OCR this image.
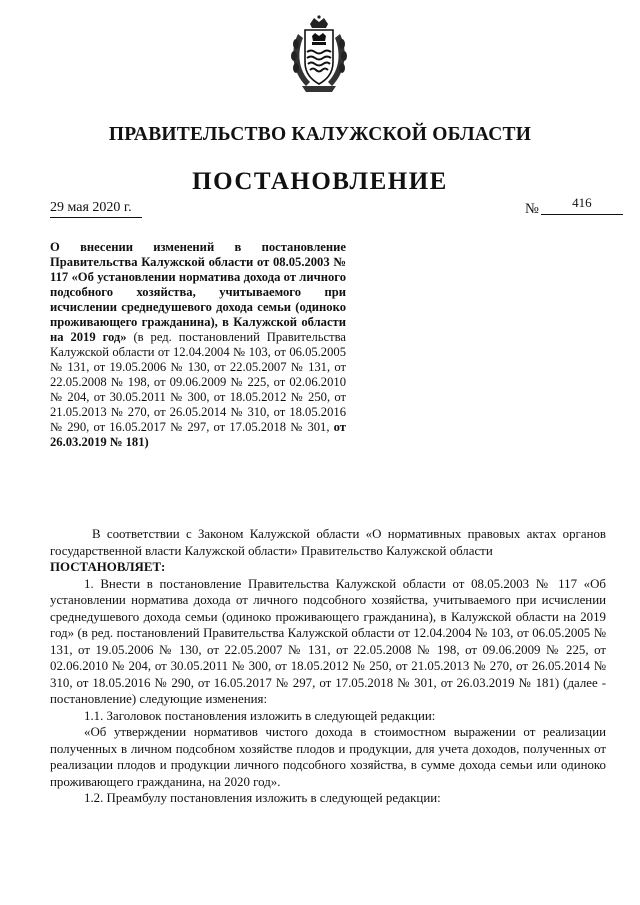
ПРАВИТЕЛЬСТВО КАЛУЖСКОЙ ОБЛАСТИ
ПОСТАНОВЛЕНИЕ
29 мая 2020 г.	№	416
О внесении изменений в постановление Правительства Калужской области от 08.05.2003 № 117 «Об установлении норматива дохода от личного подсобного хозяйства, учитываемого при исчислении среднедушевого дохода семьи (одиноко проживающего гражданина), в Калужской области на 2019 год» (в ред. постановлений Правительства Калужской области от 12.04.2004 № 103, от 06.05.2005 № 131, от 19.05.2006 № 130, от 22.05.2007 № 131, от 22.05.2008 № 198, от 09.06.2009 № 225, от 02.06.2010 № 204, от 30.05.2011 № 300, от 18.05.2012 № 250, от 21.05.2013 № 270, от 26.05.2014 № 310, от 18.05.2016 № 290, от 16.05.2017 № 297, от 17.05.2018 № 301, от 26.03.2019 № 181)

В соответствии с Законом Калужской области «О нормативных правовых актах органов государственной власти Калужской области» Правительство Калужской области

ПОСТАНОВЛЯЕТ:

1. Внести в постановление Правительства Калужской области от 08.05.2003 № 117 «Об установлении норматива дохода от личного подсобного хозяйства, учитываемого при исчислении среднедушевого дохода семьи (одиноко проживающего гражданина), в Калужской области на 2019 год» (в ред. постановлений Правительства Калужской области от 12.04.2004 № 103, от 06.05.2005 № 131, от 19.05.2006 № 130, от 22.05.2007 № 131, от 22.05.2008 № 198, от 09.06.2009 № 225, от 02.06.2010 № 204, от 30.05.2011 № 300, от 18.05.2012 № 250, от 21.05.2013 № 270, от 26.05.2014 № 310, от 18.05.2016 № 290, от 16.05.2017 № 297, от 17.05.2018 № 301, от 26.03.2019 № 181) (далее - постановление) следующие изменения:

1.1. Заголовок постановления изложить в следующей редакции:

«Об утверждении нормативов чистого дохода в стоимостном выражении от реализации полученных в личном подсобном хозяйстве плодов и продукции, для учета доходов, полученных от реализации плодов и продукции личного подсобного хозяйства, в сумме дохода семьи или одиноко проживающего гражданина, на 2020 год».

1.2. Преамбулу постановления изложить в следующей редакции:
